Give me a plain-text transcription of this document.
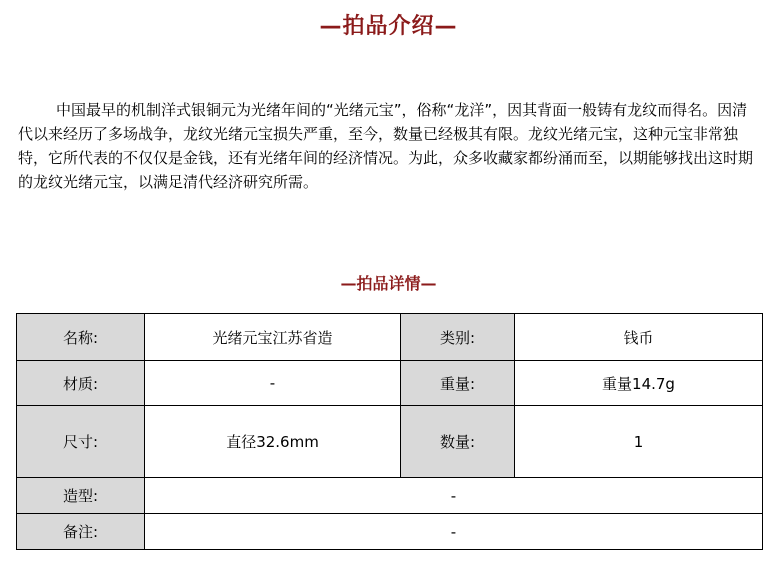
—拍品介绍—

中国最早的机制洋式银铜元为光绪年间的“光绪元宝”，俗称“龙洋”，因其背面一般铸有龙纹而得名。因清代以来经历了多场战争，龙纹光绪元宝损失严重，至今，数量已经极其有限。龙纹光绪元宝，这种元宝非常独特，它所代表的不仅仅是金钱，还有光绪年间的经济情况。为此，众多收藏家都纷涌而至，以期能够找出这时期的龙纹光绪元宝，以满足清代经济研究所需。

—拍品详情—
名称:	光绪元宝江苏省造	类别:	钱币
材质:	-	重量:	重量14.7g
尺寸:	直径32.6mm	数量:	1
造型:	-		
备注:	-		
